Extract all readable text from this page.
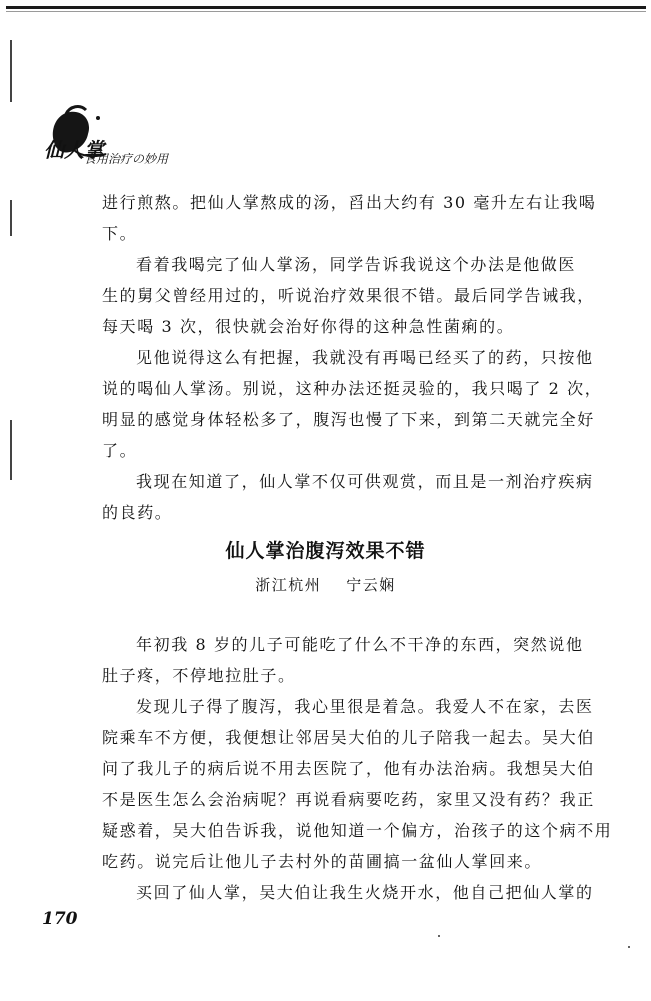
仙人掌
食用治疗の妙用
进行煎熬。把仙人掌熬成的汤，舀出大约有 30 毫升左右让我喝
下。
看着我喝完了仙人掌汤，同学告诉我说这个办法是他做医
生的舅父曾经用过的，听说治疗效果很不错。最后同学告诫我，
每天喝 3 次，很快就会治好你得的这种急性菌痢的。
见他说得这么有把握，我就没有再喝已经买了的药，只按他
说的喝仙人掌汤。别说，这种办法还挺灵验的，我只喝了 2 次，
明显的感觉身体轻松多了，腹泻也慢了下来，到第二天就完全好
了。
我现在知道了，仙人掌不仅可供观赏，而且是一剂治疗疾病
的良药。
仙人掌治腹泻效果不错
浙江杭州    宁云娴
年初我 8 岁的儿子可能吃了什么不干净的东西，突然说他
肚子疼，不停地拉肚子。
发现儿子得了腹泻，我心里很是着急。我爱人不在家，去医
院乘车不方便，我便想让邻居吴大伯的儿子陪我一起去。吴大伯
问了我儿子的病后说不用去医院了，他有办法治病。我想吴大伯
不是医生怎么会治病呢？再说看病要吃药，家里又没有药？我正
疑惑着，吴大伯告诉我，说他知道一个偏方，治孩子的这个病不用
吃药。说完后让他儿子去村外的苗圃搞一盆仙人掌回来。
买回了仙人掌，吴大伯让我生火烧开水，他自己把仙人掌的
170
